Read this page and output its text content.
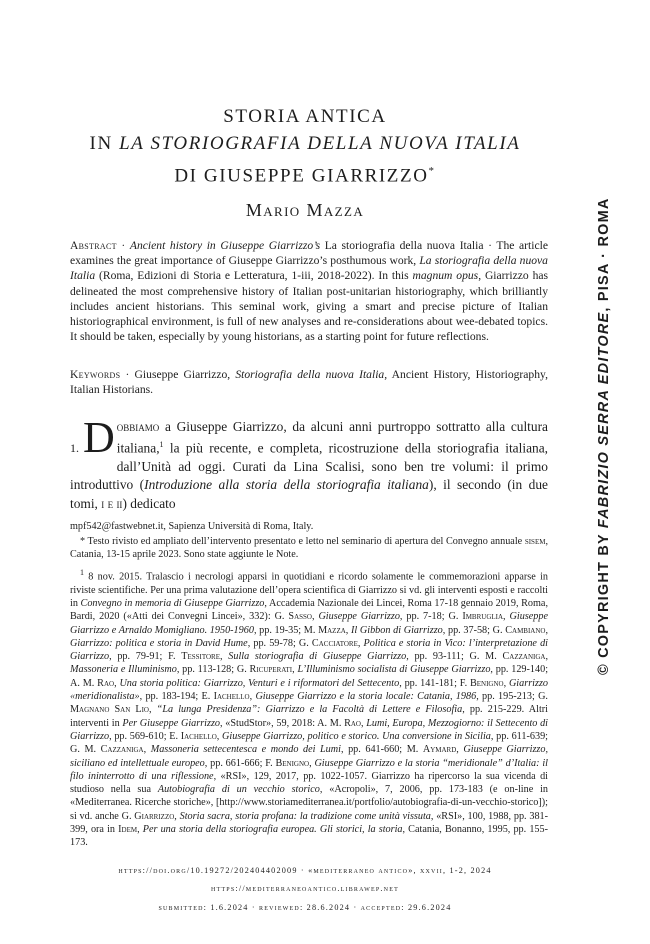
STORIA ANTICA
IN LA STORIOGRAFIA DELLA NUOVA ITALIA
DI GIUSEPPE GIARRIZZO*
Mario Mazza

Abstract · Ancient history in Giuseppe Giarrizzo’s La storiografia della nuova Italia · The article examines the great importance of Giuseppe Giarrizzo’s posthumous work, La storiografia della nuova Italia (Roma, Edizioni di Storia e Letteratura, 1-iii, 2018-2022). In this magnum opus, Giarrizzo has delineated the most comprehensive history of Italian post-unitarian historiography, which brilliantly includes ancient historians. This seminal work, giving a smart and precise picture of Italian historiographical environment, is full of new analyses and re-considerations about wee-debated topics. It should be taken, especially by young historians, as a starting point for future reflections.

Keywords · Giuseppe Giarrizzo, Storiografia della nuova Italia, Ancient History, Historiography, Italian Historians.

1.D obbiamo a Giuseppe Giarrizzo, da alcuni anni purtroppo sottratto alla cultura italiana,$^1$ la più recente, e completa, ricostruzione della storiografia italiana, dall’Unità ad oggi. Curati da Lina Scalisi, sono ben tre volumi: il primo introduttivo (Introduzione alla storia della storiografia italiana), il secondo (in due tomi, i e ii) dedicato

mpf542@fastwebnet.it, Sapienza Università di Roma, Italy.

* Testo rivisto ed ampliato dell’intervento presentato e letto nel seminario di apertura del Convegno annuale sisem, Catania, 13-15 aprile 2023. Sono state aggiunte le Note.

$^1$ 8 nov. 2015. Tralascio i necrologi apparsi in quotidiani e ricordo solamente le commemorazioni apparse in riviste scientifiche. Per una prima valutazione dell’opera scientifica di Giarrizzo si vd. gli interventi esposti e raccolti in Convegno in memoria di Giuseppe Giarrizzo, Accademia Nazionale dei Lincei, Roma 17-18 gennaio 2019, Roma, Bardi, 2020 («Atti dei Convegni Lincei», 332): G. Sasso, Giuseppe Giarrizzo, pp. 7-18; G. Imbruglia, Giuseppe Giarrizzo e Arnaldo Momigliano. 1950-1960, pp. 19-35; M. Mazza, Il Gibbon di Giarrizzo, pp. 37-58; G. Cambiano, Giarrizzo: politica e storia in David Hume, pp. 59-78; G. Cacciatore, Politica e storia in Vico: l’interpretazione di Giarrizzo, pp. 79-91; F. Tessitore, Sulla storiografia di Giuseppe Giarrizzo, pp. 93-111; G. M. Cazzaniga, Massoneria e Illuminismo, pp. 113-128; G. Ricuperati, L’Illuminismo socialista di Giuseppe Giarrizzo, pp. 129-140; A. M. Rao, Una storia politica: Giarrizzo, Venturi e i riformatori del Settecento, pp. 141-181; F. Benigno, Giarrizzo «meridionalista», pp. 183-194; E. Iachello, Giuseppe Giarrizzo e la storia locale: Catania, 1986, pp. 195-213; G. Magnano San Lio, “La lunga Presidenza”: Giarrizzo e la Facoltà di Lettere e Filosofia, pp. 215-229. Altri interventi in Per Giuseppe Giarrizzo, «StudStor», 59, 2018: A. M. Rao, Lumi, Europa, Mezzogiorno: il Settecento di Giarrizzo, pp. 569-610; E. Iachello, Giuseppe Giarrizzo, politico e storico. Una conversione in Sicilia, pp. 611-639; G. M. Cazzaniga, Massoneria settecentesca e mondo dei Lumi, pp. 641-660; M. Aymard, Giuseppe Giarrizzo, siciliano ed intellettuale europeo, pp. 661-666; F. Benigno, Giuseppe Giarrizzo e la storia “meridionale” d’Italia: il filo ininterrotto di una riflessione, «RSI», 129, 2017, pp. 1022-1057. Giarrizzo ha ripercorso la sua vicenda di studioso nella sua Autobiografia di un vecchio storico, «Acropoli», 7, 2006, pp. 173-183 (e on-line in «Mediterranea. Ricerche storiche», [http://www.storiamediterranea.it/portfolio/autobiografia-di-un-vecchio-storico]); si vd. anche G. Giarrizzo, Storia sacra, storia profana: la tradizione come unità vissuta, «RSI», 100, 1988, pp. 381-399, ora in Idem, Per una storia della storiografia europea. Gli storici, la storia, Catania, Bonanno, 1995, pp. 155-173.

https://doi.org/10.19272/202404402009 · «mediterraneo antico», xxvii, 1-2, 2024
https://mediterraneoantico.librawep.net
submitted: 1.6.2024 · reviewed: 28.6.2024 · accepted: 29.6.2024
© COPYRIGHT BY FABRIZIO SERRA EDITORE, PISA · ROMA
